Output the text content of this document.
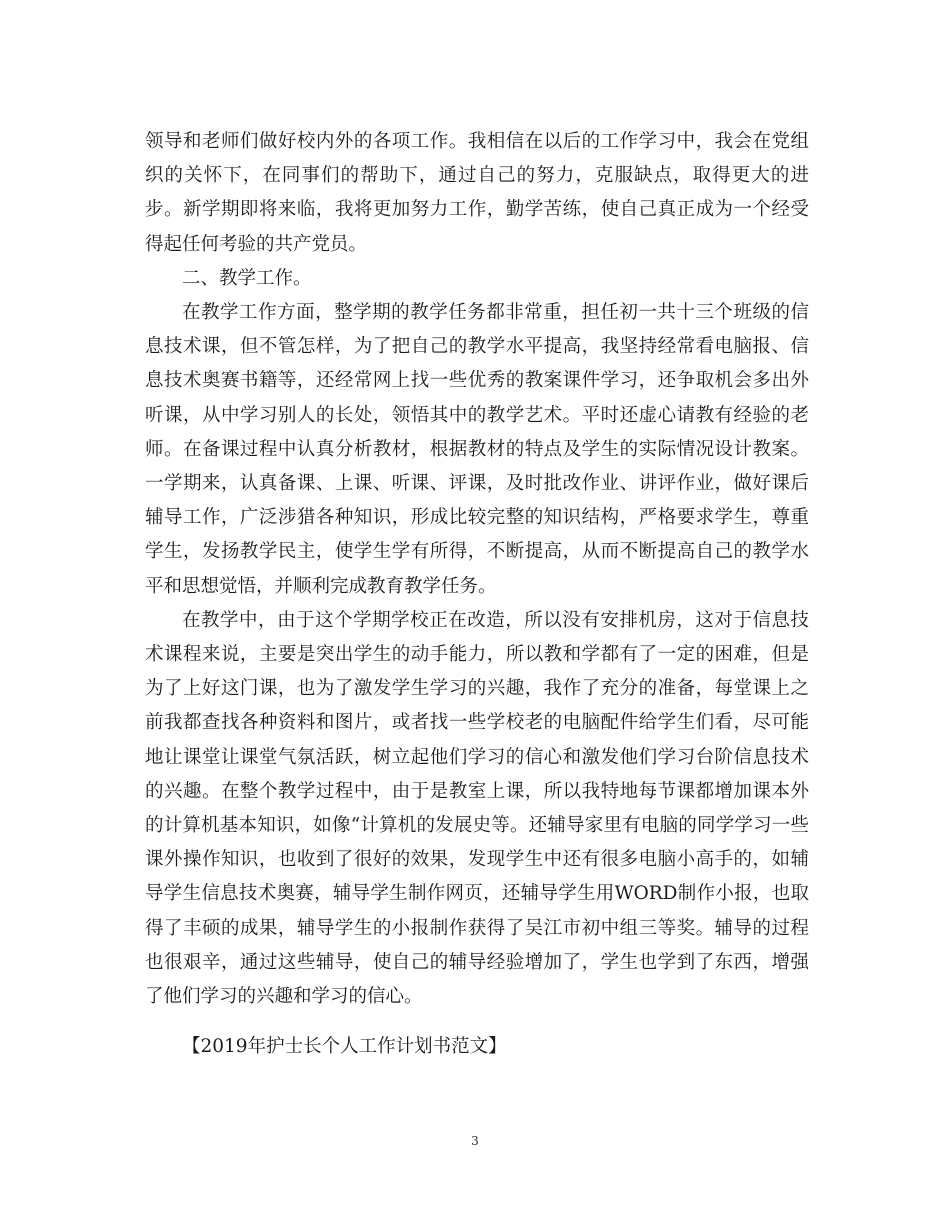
领导和老师们做好校内外的各项工作。我相信在以后的工作学习中，我会在党组织的关怀下，在同事们的帮助下，通过自己的努力，克服缺点，取得更大的进步。新学期即将来临，我将更加努力工作，勤学苦练，使自己真正成为一个经受得起任何考验的共产党员。

二、教学工作。

在教学工作方面，整学期的教学任务都非常重，担任初一共十三个班级的信息技术课，但不管怎样，为了把自己的教学水平提高，我坚持经常看电脑报、信息技术奥赛书籍等，还经常网上找一些优秀的教案课件学习，还争取机会多出外听课，从中学习别人的长处，领悟其中的教学艺术。平时还虚心请教有经验的老师。在备课过程中认真分析教材，根据教材的特点及学生的实际情况设计教案。一学期来，认真备课、上课、听课、评课，及时批改作业、讲评作业，做好课后辅导工作，广泛涉猎各种知识，形成比较完整的知识结构，严格要求学生，尊重学生，发扬教学民主，使学生学有所得，不断提高，从而不断提高自己的教学水平和思想觉悟，并顺利完成教育教学任务。

在教学中，由于这个学期学校正在改造，所以没有安排机房，这对于信息技术课程来说，主要是突出学生的动手能力，所以教和学都有了一定的困难，但是为了上好这门课，也为了激发学生学习的兴趣，我作了充分的准备，每堂课上之前我都查找各种资料和图片，或者找一些学校老的电脑配件给学生们看，尽可能地让课堂让课堂气氛活跃，树立起他们学习的信心和激发他们学习台阶信息技术的兴趣。在整个教学过程中，由于是教室上课，所以我特地每节课都增加课本外的计算机基本知识，如像“计算机的发展史等。还辅导家里有电脑的同学学习一些课外操作知识，也收到了很好的效果，发现学生中还有很多电脑小高手的，如辅导学生信息技术奥赛，辅导学生制作网页，还辅导学生用WORD制作小报，也取得了丰硕的成果，辅导学生的小报制作获得了吴江市初中组三等奖。辅导的过程也很艰辛，通过这些辅导，使自己的辅导经验增加了，学生也学到了东西，增强了他们学习的兴趣和学习的信心。

【2019年护士长个人工作计划书范文】

3
